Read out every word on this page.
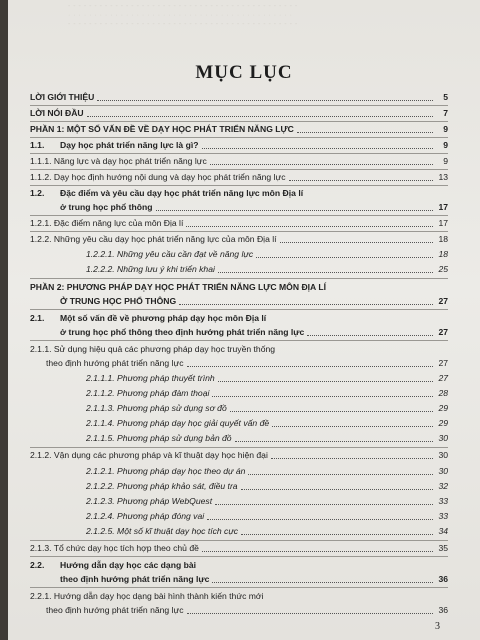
- - - - - - - - - - - - - - - - - - - - - - - - - - - - - - - - - - - - - - - - - - - -
· · · · · · · · · · · · · · · · · · · · · · · · · · · · · · · · · · · · · · · · · · ·
- - - - - - - - - - - - - - - - - - - - - - - - - - - - - - - - - - - - - - - - - - - -
MỤC LỤC
LỜI GIỚI THIỆU	5
LỜI NÓI ĐẦU	7
PHẦN 1: MỘT SỐ VẤN ĐỀ VỀ DẠY HỌC PHÁT TRIỂN NĂNG LỰC	9
1.1.	Dạy học phát triển năng lực là gì?	9
1.1.1. Năng lực và dạy học phát triển năng lực	9
1.1.2. Dạy học định hướng nội dung và dạy học phát triển năng lực	13
1.2.	Đặc điểm và yêu cầu dạy học phát triển năng lực môn Địa lí
ở trung học phổ thông	17
1.2.1. Đặc điểm năng lực của môn Địa lí	17
1.2.2. Những yêu cầu dạy học phát triển năng lực của môn Địa lí	18
1.2.2.1. Những yêu cầu cần đạt về năng lực	18
1.2.2.2. Những lưu ý khi triển khai	25
PHẦN 2: PHƯƠNG PHÁP DẠY HỌC PHÁT TRIỂN NĂNG LỰC MÔN ĐỊA LÍ
Ở TRUNG HỌC PHỔ THÔNG	27
2.1.	Một số vấn đề về phương pháp dạy học môn Địa lí
ở trung học phổ thông theo định hướng phát triển năng lực	27
2.1.1. Sử dụng hiệu quả các phương pháp dạy học truyền thống
theo định hướng phát triển năng lực	27
2.1.1.1. Phương pháp thuyết trình	27
2.1.1.2. Phương pháp đàm thoại	28
2.1.1.3. Phương pháp sử dụng sơ đồ	29
2.1.1.4. Phương pháp dạy học giải quyết vấn đề	29
2.1.1.5. Phương pháp sử dụng bản đồ	30
2.1.2. Vận dụng các phương pháp và kĩ thuật dạy học hiện đại	30
2.1.2.1. Phương pháp dạy học theo dự án	30
2.1.2.2. Phương pháp khảo sát, điều tra	32
2.1.2.3. Phương pháp WebQuest	33
2.1.2.4. Phương pháp đóng vai	33
2.1.2.5. Một số kĩ thuật dạy học tích cực	34
2.1.3. Tổ chức dạy học tích hợp theo chủ đề	35
2.2.	Hướng dẫn dạy học các dạng bài
theo định hướng phát triển năng lực	36
2.2.1. Hướng dẫn dạy học dạng bài hình thành kiến thức mới
theo định hướng phát triển năng lực	36
3
